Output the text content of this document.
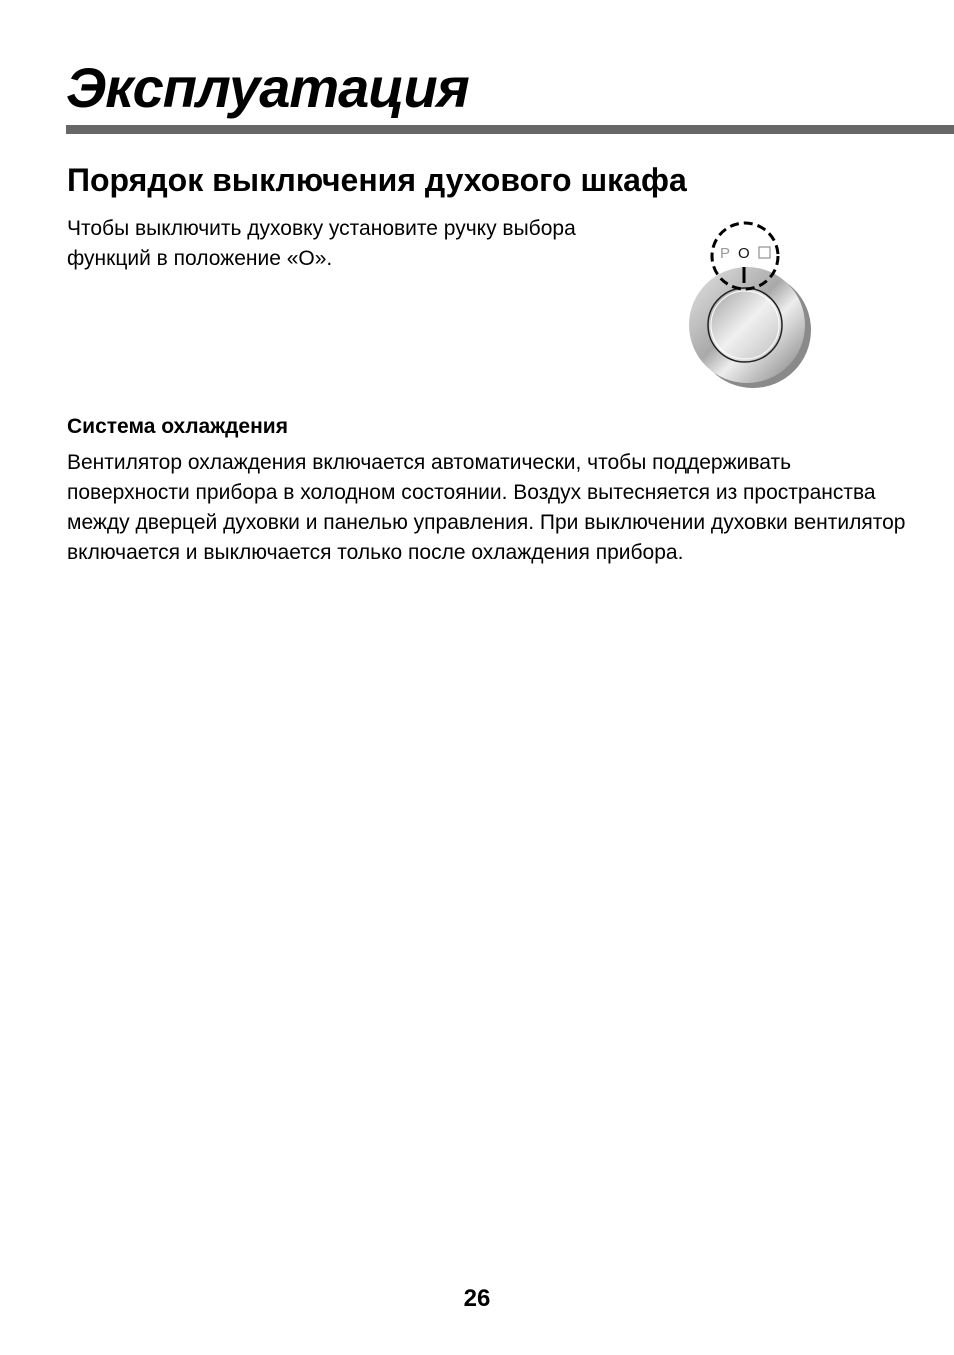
Эксплуатация
Порядок выключения духового шкафа

Чтобы выключить духовку установите ручку выбора функций в положение «О».	P O
Система охлаждения

Вентилятор охлаждения включается автоматически, чтобы поддерживать поверхности прибора в холодном состоянии. Воздух вытесняется из пространства между дверцей духовки и панелью управления. При выключении духовки вентилятор включается и выключается только после охлаждения прибора.

26
